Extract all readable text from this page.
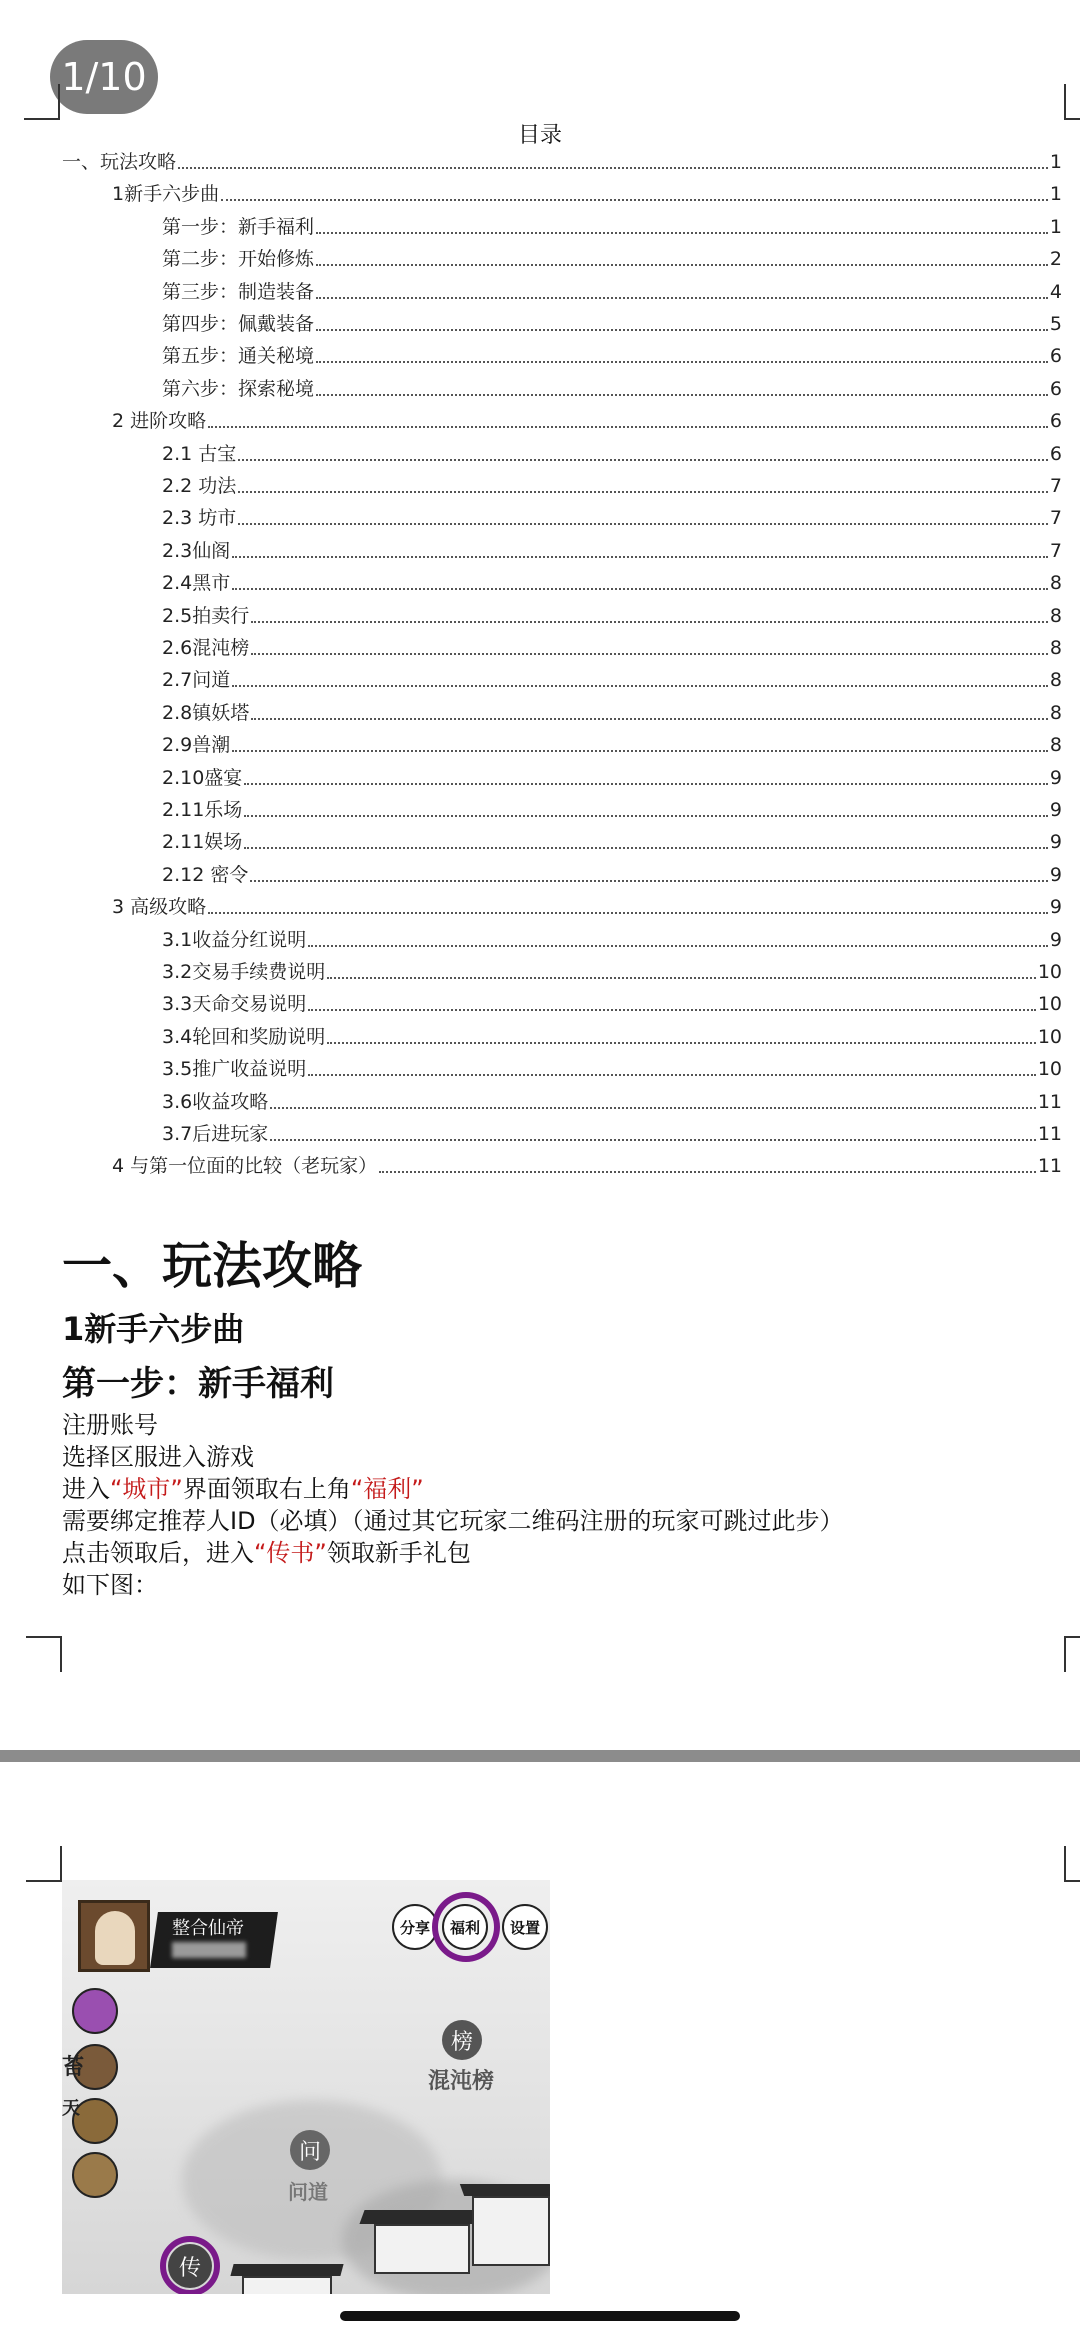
1/10
目录
一、玩法攻略	1
1新手六步曲	1
第一步：新手福利	1
第二步：开始修炼	2
第三步：制造装备	4
第四步：佩戴装备	5
第五步：通关秘境	6
第六步：探索秘境	6
2 进阶攻略	6
2.1 古宝	6
2.2 功法	7
2.3 坊市	7
2.3仙阁	7
2.4黑市	8
2.5拍卖行	8
2.6混沌榜	8
2.7问道	8
2.8镇妖塔	8
2.9兽潮	8
2.10盛宴	9
2.11乐场	9
2.11娱场	9
2.12 密令	9
3 高级攻略	9
3.1收益分红说明	9
3.2交易手续费说明	10
3.3天命交易说明	10
3.4轮回和奖励说明	10
3.5推广收益说明	10
3.6收益攻略	11
3.7后进玩家	11
4 与第一位面的比较（老玩家）	11
一、玩法攻略
1新手六步曲
第一步：新手福利
注册账号
选择区服进入游戏
进入“城市”界面领取右上角“福利”
需要绑定推荐人ID（必填）（通过其它玩家二维码注册的玩家可跳过此步）
点击领取后，进入“传书”领取新手礼包
如下图：
整合仙帝	分享	福利	设置
榜
混沌榜
苔
天
问
问道
传
